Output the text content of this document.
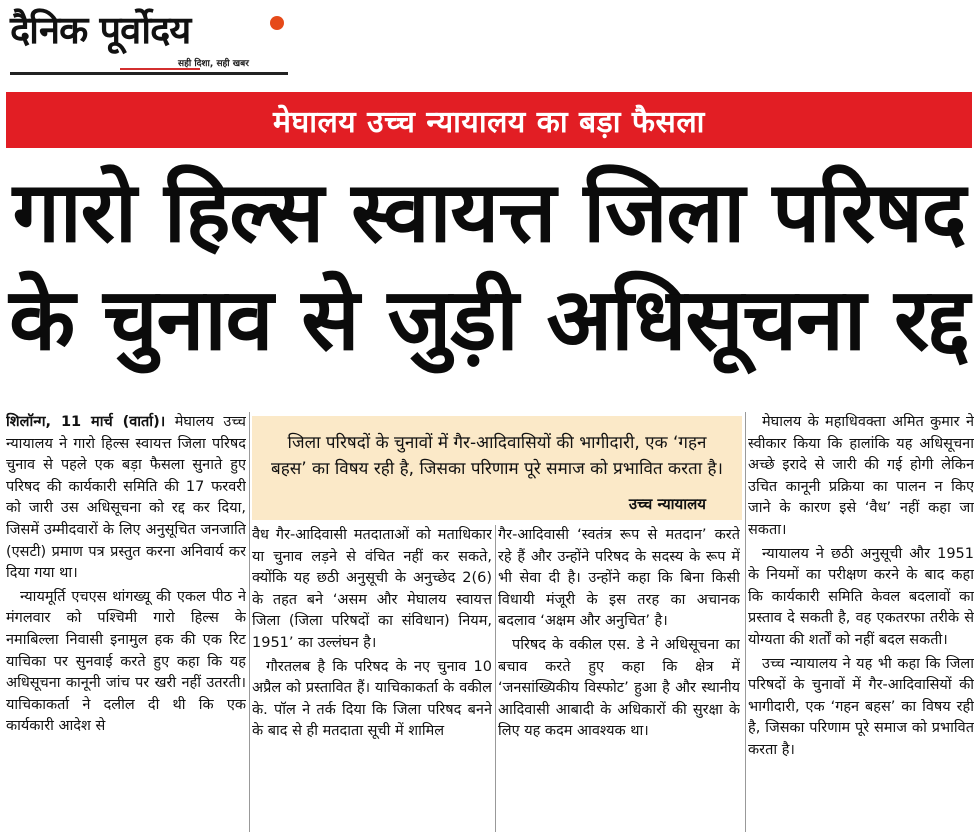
दैनिक पूर्वोदय
सही दिशा, सही खबर
मेघालय उच्च न्यायालय का बड़ा फैसला
गारो हिल्स स्वायत्त जिला परिषद
के चुनाव से जुड़ी अधिसूचना रद्द

शिलॉन्ग, 11 मार्च (वार्ता)। मेघालय उच्च न्यायालय ने गारो हिल्स स्वायत्त जिला परिषद चुनाव से पहले एक बड़ा फैसला सुनाते हुए परिषद की कार्यकारी समिति की 17 फरवरी को जारी उस अधिसूचना को रद्द कर दिया, जिसमें उम्मीदवारों के लिए अनुसूचित जनजाति (एसटी) प्रमाण पत्र प्रस्तुत करना अनिवार्य कर दिया गया था।

न्यायमूर्ति एचएस थांगख्यू की एकल पीठ ने मंगलवार को पश्चिमी गारो हिल्स के नमाबिल्ला निवासी इनामुल हक की एक रिट याचिका पर सुनवाई करते हुए कहा कि यह अधिसूचना कानूनी जांच पर खरी नहीं उतरती। याचिकाकर्ता ने दलील दी थी कि एक कार्यकारी आदेश से

जिला परिषदों के चुनावों में गैर-आदिवासियों की भागीदारी, एक ‘गहन बहस’ का विषय रही है, जिसका परिणाम पूरे समाज को प्रभावित करता है।
उच्च न्यायालय

वैध गैर-आदिवासी मतदाताओं को मताधिकार या चुनाव लड़ने से वंचित नहीं कर सकते, क्योंकि यह छठी अनुसूची के अनुच्छेद 2(6) के तहत बने ‘असम और मेघालय स्वायत्त जिला (जिला परिषदों का संविधान) नियम, 1951’ का उल्लंघन है।

गौरतलब है कि परिषद के नए चुनाव 10 अप्रैल को प्रस्तावित हैं। याचिकाकर्ता के वकील के. पॉल ने तर्क दिया कि जिला परिषद बनने के बाद से ही मतदाता सूची में शामिल

गैर-आदिवासी ‘स्वतंत्र रूप से मतदान’ करते रहे हैं और उन्होंने परिषद के सदस्य के रूप में भी सेवा दी है। उन्होंने कहा कि बिना किसी विधायी मंजूरी के इस तरह का अचानक बदलाव ‘अक्षम और अनुचित’ है।

परिषद के वकील एस. डे ने अधिसूचना का बचाव करते हुए कहा कि क्षेत्र में ‘जनसांख्यिकीय विस्फोट’ हुआ है और स्थानीय आदिवासी आबादी के अधिकारों की सुरक्षा के लिए यह कदम आवश्यक था।

मेघालय के महाधिवक्ता अमित कुमार ने स्वीकार किया कि हालांकि यह अधिसूचना अच्छे इरादे से जारी की गई होगी लेकिन उचित कानूनी प्रक्रिया का पालन न किए जाने के कारण इसे ‘वैध’ नहीं कहा जा सकता।

न्यायालय ने छठी अनुसूची और 1951 के नियमों का परीक्षण करने के बाद कहा कि कार्यकारी समिति केवल बदलावों का प्रस्ताव दे सकती है, वह एकतरफा तरीके से योग्यता की शर्तों को नहीं बदल सकती।

उच्च न्यायालय ने यह भी कहा कि जिला परिषदों के चुनावों में गैर-आदिवासियों की भागीदारी, एक ‘गहन बहस’ का विषय रही है, जिसका परिणाम पूरे समाज को प्रभावित करता है।
